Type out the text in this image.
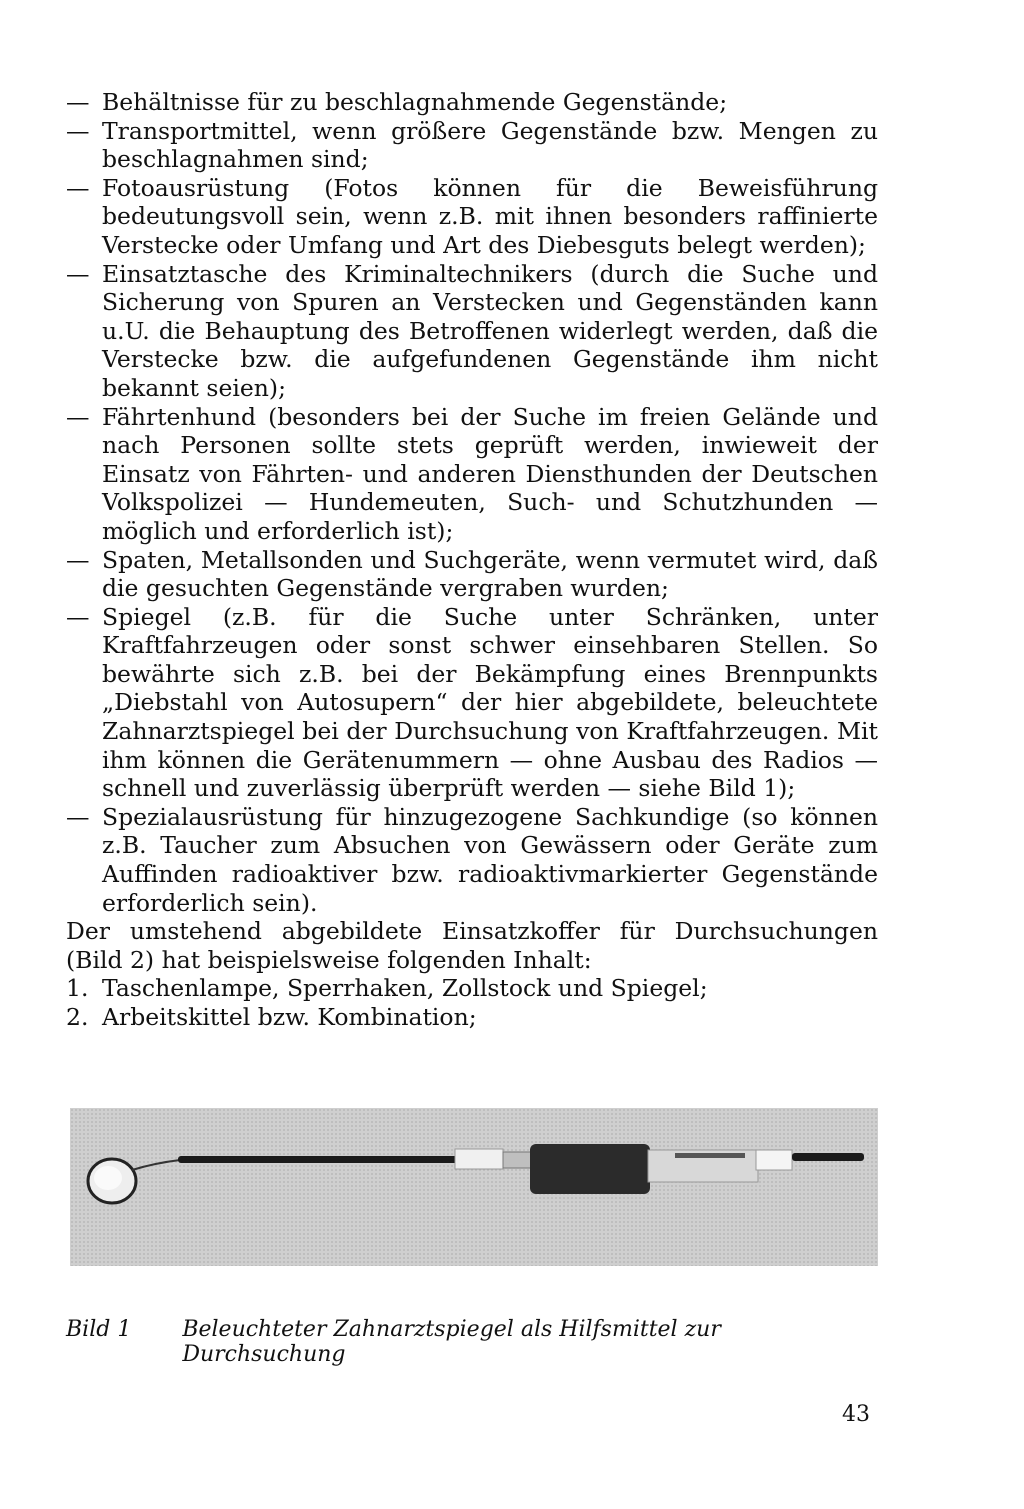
— Behältnisse für zu beschlagnahmende Gegenstände;
— Transportmittel, wenn größere Gegenstände bzw. Mengen zu beschlagnahmen sind;
— Fotoausrüstung (Fotos können für die Beweisführung bedeutungsvoll sein, wenn z.B. mit ihnen besonders raffinierte Verstecke oder Umfang und Art des Diebesguts belegt werden);
— Einsatztasche des Kriminaltechnikers (durch die Suche und Sicherung von Spuren an Verstecken und Gegenständen kann u.U. die Behauptung des Betroffenen widerlegt werden, daß die Verstecke bzw. die aufgefundenen Gegenstände ihm nicht bekannt seien);
— Fährtenhund (besonders bei der Suche im freien Gelände und nach Personen sollte stets geprüft werden, inwieweit der Einsatz von Fährten- und anderen Diensthunden der Deutschen Volkspolizei — Hundemeuten, Such- und Schutzhunden — möglich und erforderlich ist);
— Spaten, Metallsonden und Suchgeräte, wenn vermutet wird, daß die gesuchten Gegenstände vergraben wurden;
— Spiegel (z.B. für die Suche unter Schränken, unter Kraftfahrzeugen oder sonst schwer einsehbaren Stellen. So bewährte sich z.B. bei der Bekämpfung eines Brennpunkts „Diebstahl von Autosupern“ der hier abgebildete, beleuchtete Zahnarztspiegel bei der Durchsuchung von Kraftfahrzeugen. Mit ihm können die Gerätenummern — ohne Ausbau des Radios — schnell und zuverlässig überprüft werden — siehe Bild 1);
— Spezialausrüstung für hinzugezogene Sachkundige (so können z.B. Taucher zum Absuchen von Gewässern oder Geräte zum Auffinden radioaktiver bzw. radioaktivmarkierter Gegenstände erforderlich sein).
Der umstehend abgebildete Einsatzkoffer für Durchsuchungen (Bild 2) hat beispielsweise folgenden Inhalt:
1. Taschenlampe, Sperrhaken, Zollstock und Spiegel;
2. Arbeitskittel bzw. Kombination;
Bild 1	Beleuchteter Zahnarztspiegel als Hilfsmittel zur Durchsuchung
43
